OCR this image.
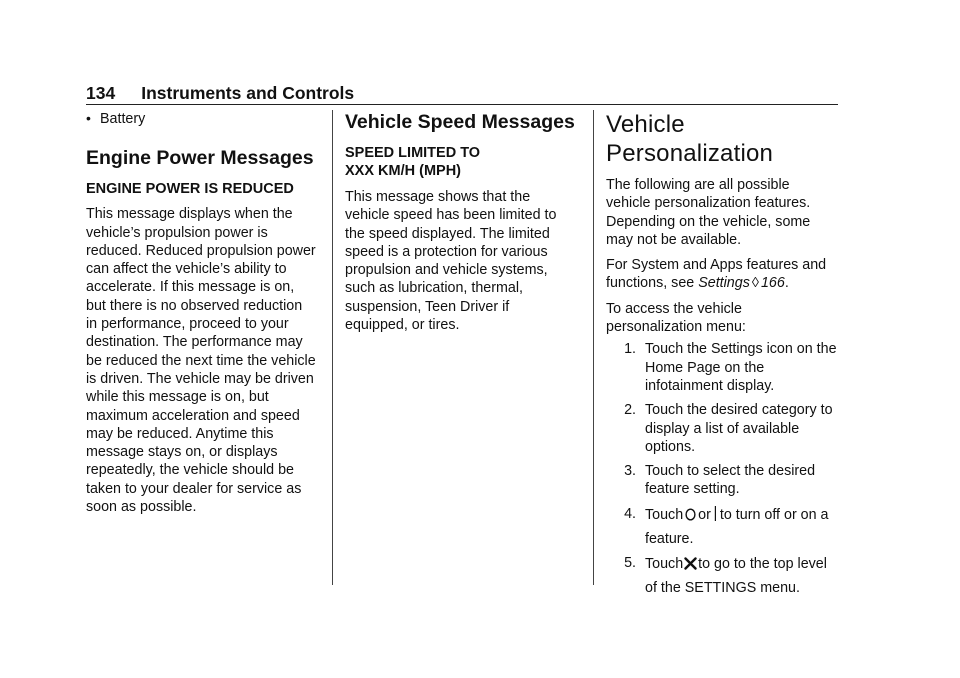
134 Instruments and Controls
• Battery

Engine Power Messages
ENGINE POWER IS REDUCED

This message displays when the

vehicle’s propulsion power is

reduced. Reduced propulsion power

can affect the vehicle’s ability to

accelerate. If this message is on,

but there is no observed reduction

in performance, proceed to your

destination. The performance may

be reduced the next time the vehicle

is driven. The vehicle may be driven

while this message is on, but

maximum acceleration and speed

may be reduced. Anytime this

message stays on, or displays

repeatedly, the vehicle should be

taken to your dealer for service as

soon as possible.

Vehicle Speed Messages
SPEED LIMITED TO
XXX KM/H (MPH)

This message shows that the

vehicle speed has been limited to

the speed displayed. The limited

speed is a protection for various

propulsion and vehicle systems,

such as lubrication, thermal,

suspension, Teen Driver if

equipped, or tires.

Vehicle
Personalization

The following are all possible

vehicle personalization features.

Depending on the vehicle, some

may not be available.

For System and Apps features and

functions, see Settings ◊ 166.

To access the vehicle

personalization menu:

1. Touch the Settings icon on the

Home Page on the

infotainment display.

2. Touch the desired category to

display a list of available

options.

3. Touch to select the desired

feature setting.

4. Touch or to turn off or on a

feature.

5. Touch to go to the top level

of the SETTINGS menu.
